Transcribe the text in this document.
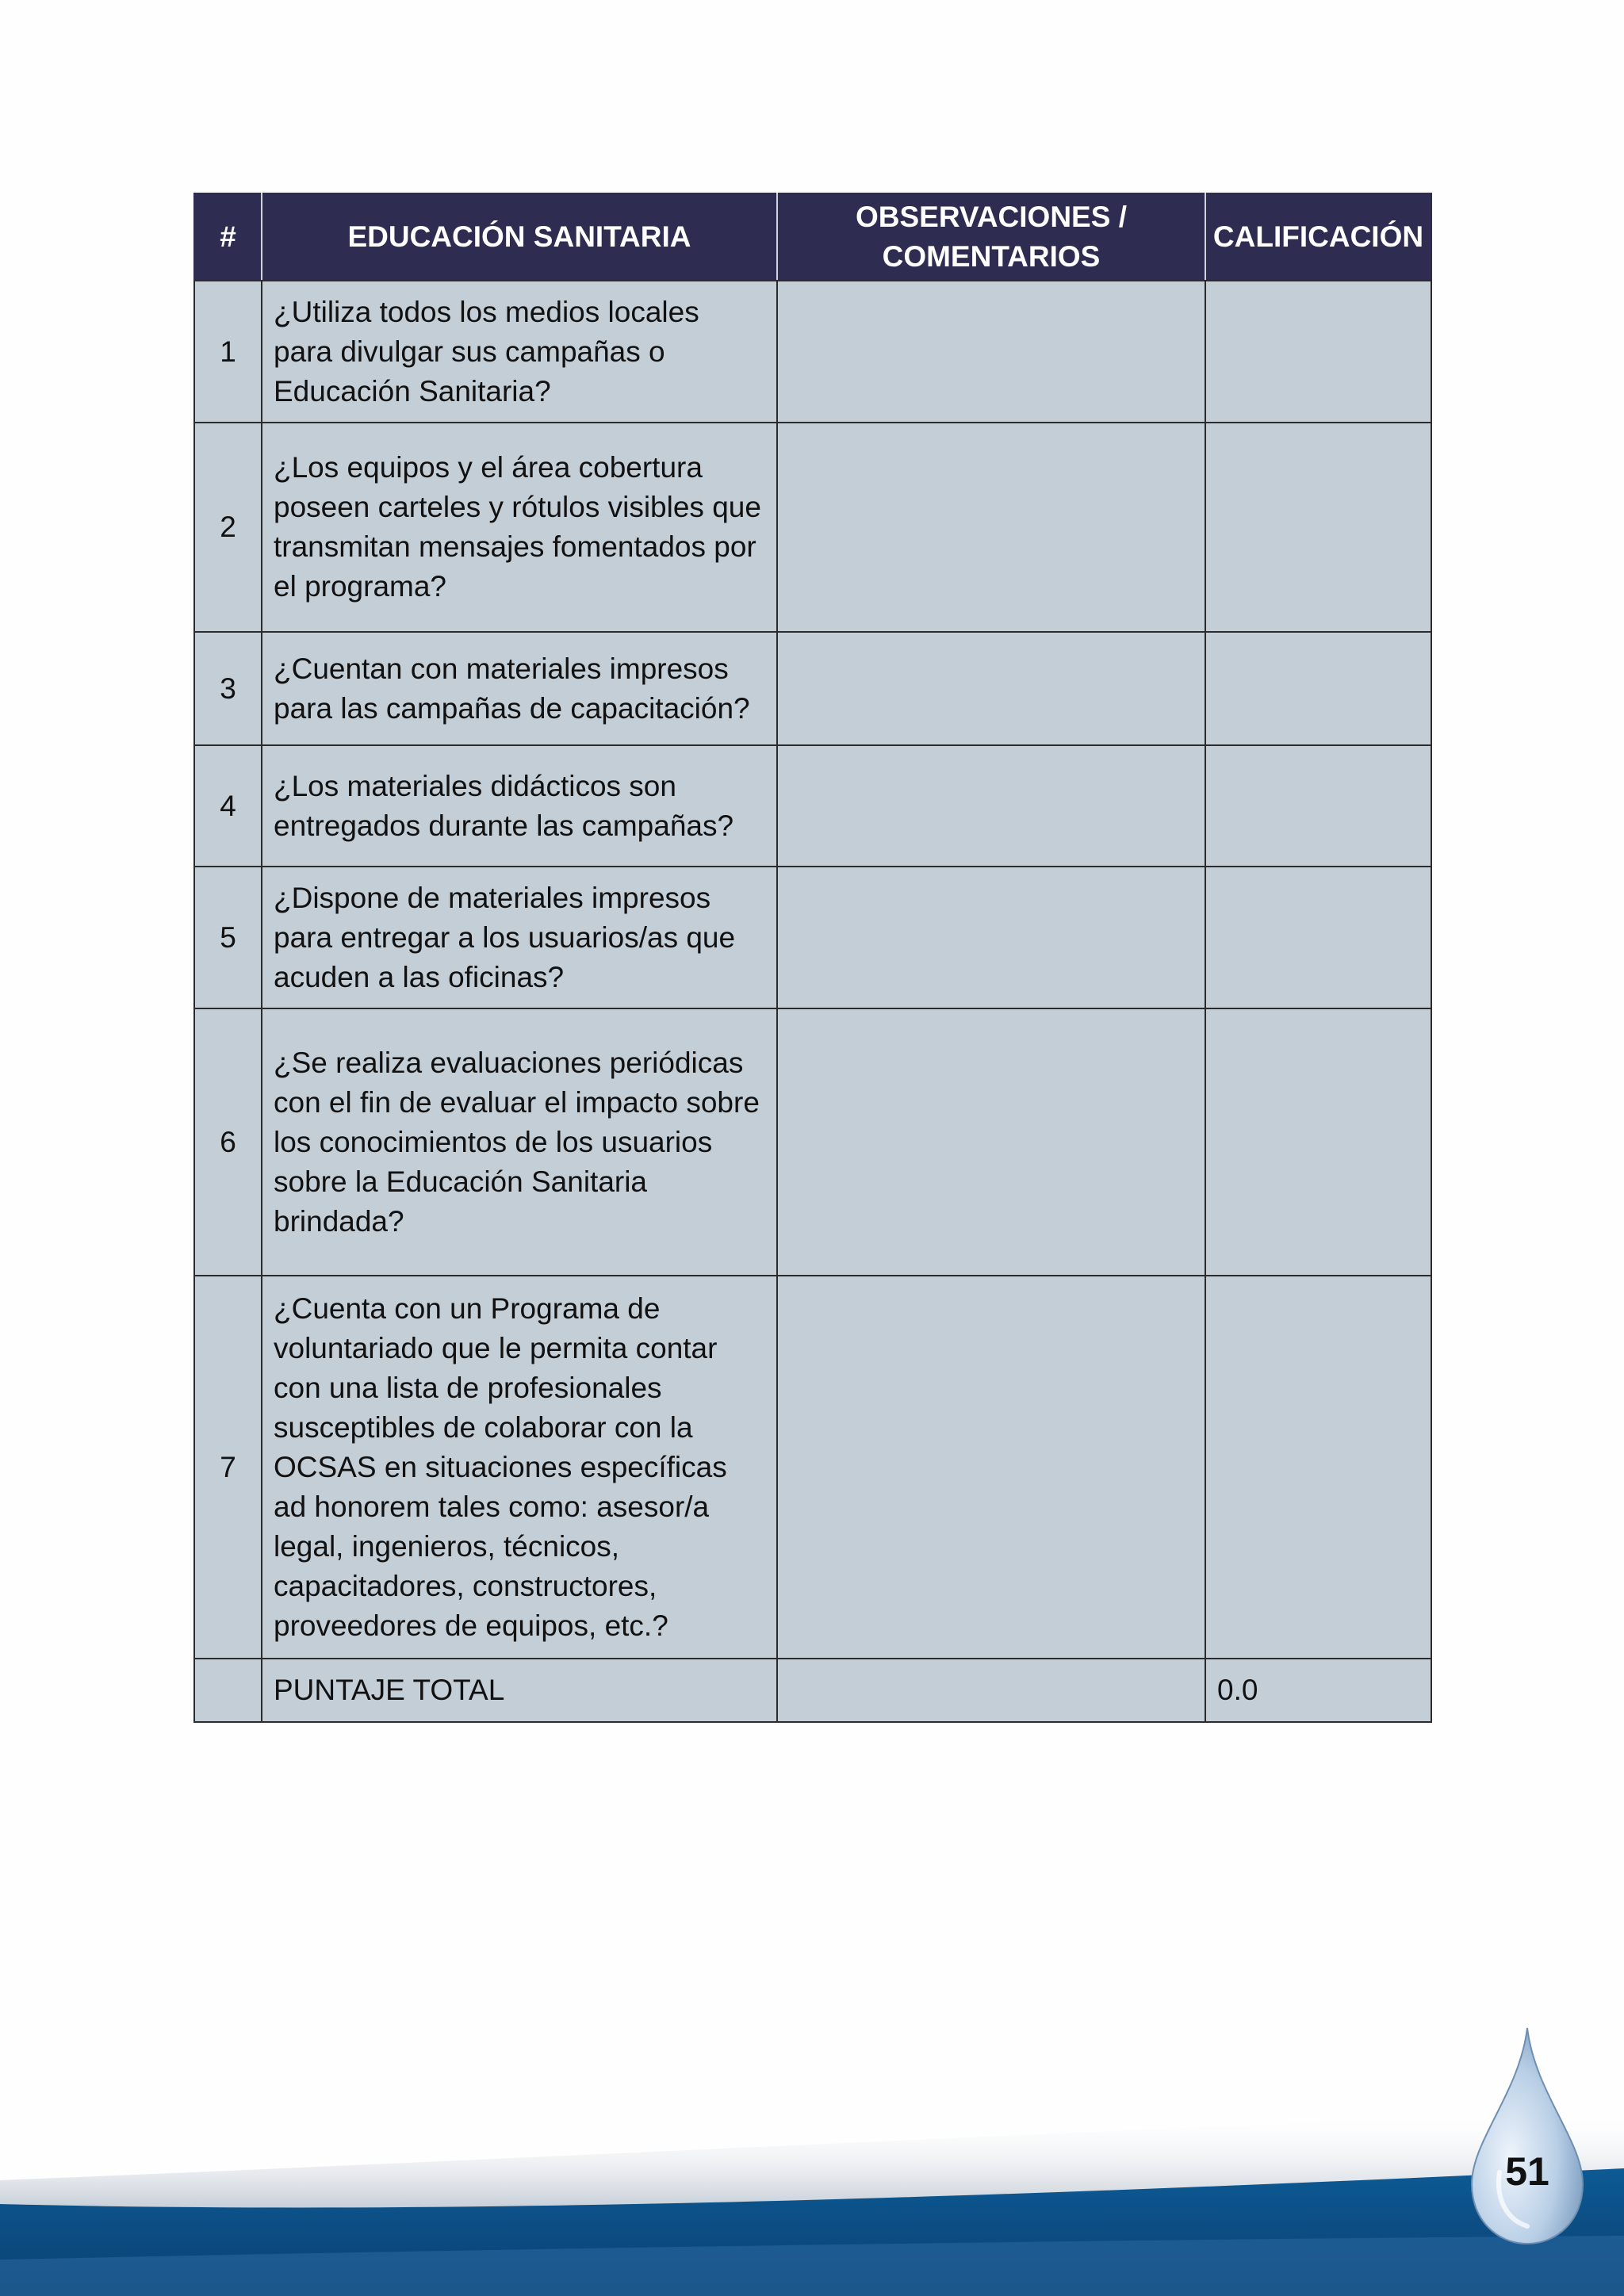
#	EDUCACIÓN SANITARIA	OBSERVACIONES / COMENTARIOS	CALIFICACIÓN
1	¿Utiliza todos los medios locales para divulgar sus campañas o Educación Sanitaria?		
2	¿Los equipos y el área cobertura poseen carteles y rótulos visibles que transmitan mensajes fomentados por el programa?		
3	¿Cuentan con materiales impresos para las campañas de capacitación?		
4	¿Los materiales didácticos son entregados durante las campañas?		
5	¿Dispone de materiales impresos para entregar a los usuarios/as que acuden a las oficinas?		
6	¿Se realiza evaluaciones periódicas con el fin de evaluar el impacto sobre los conocimientos de los usuarios sobre la Educación Sanitaria brindada?		
7	¿Cuenta con un Programa de voluntariado que le permita contar con una lista de profesionales susceptibles de colaborar con la OCSAS en situaciones específicas ad honorem tales como: asesor/a legal, ingenieros, técnicos, capacitadores, constructores, proveedores de equipos, etc.?		
	PUNTAJE TOTAL		0.0
51
